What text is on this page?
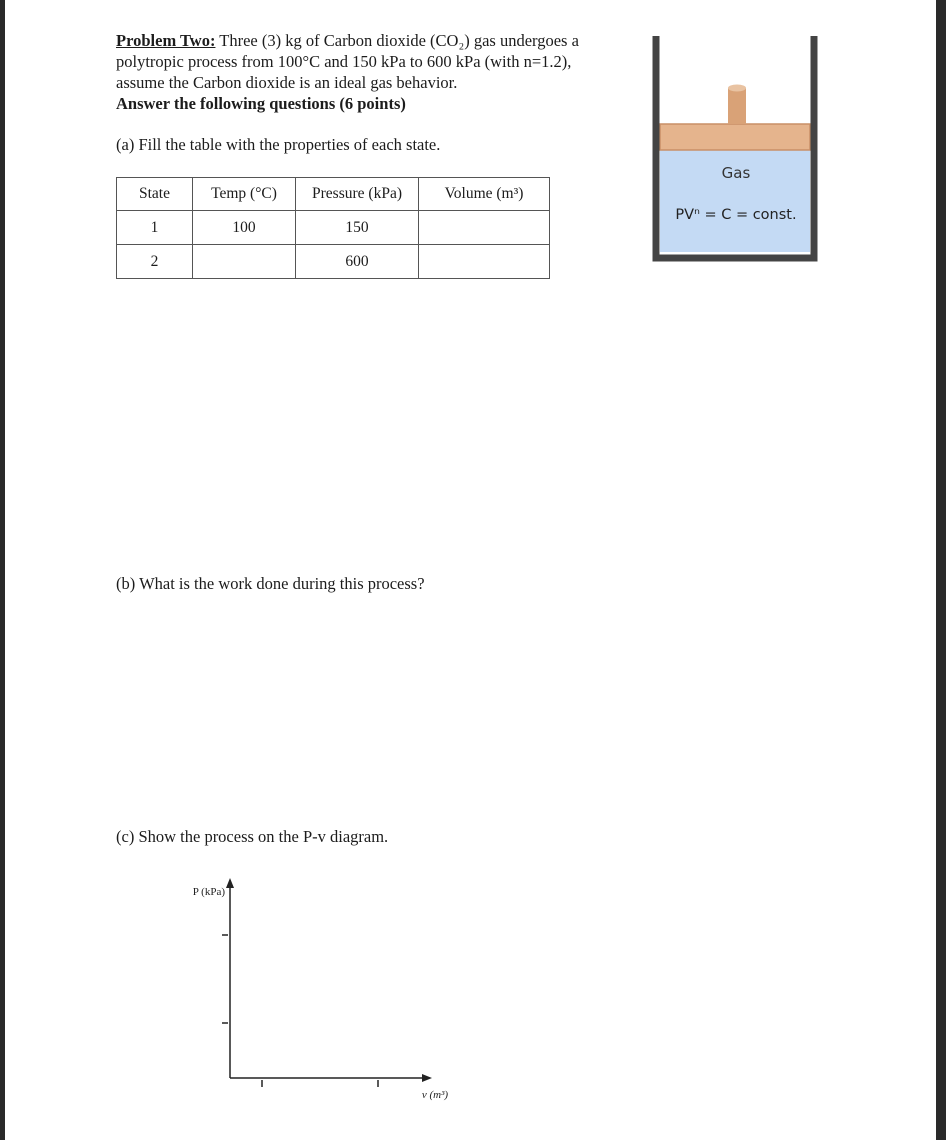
Problem Two: Three (3) kg of Carbon dioxide (CO₂) gas undergoes a
polytropic process from 100°C and 150 kPa to 600 kPa (with n=1.2),
assume the Carbon dioxide is an ideal gas behavior.
Answer the following questions (6 points)
(a) Fill the table with the properties of each state.
State	Temp (°C)	Pressure (kPa)	Volume (m³)
1	100	150	
2		600	
Gas
PVⁿ = C = const.
(b) What is the work done during this process?
(c) Show the process on the P-v diagram.
P (kPa)
v (m³)
